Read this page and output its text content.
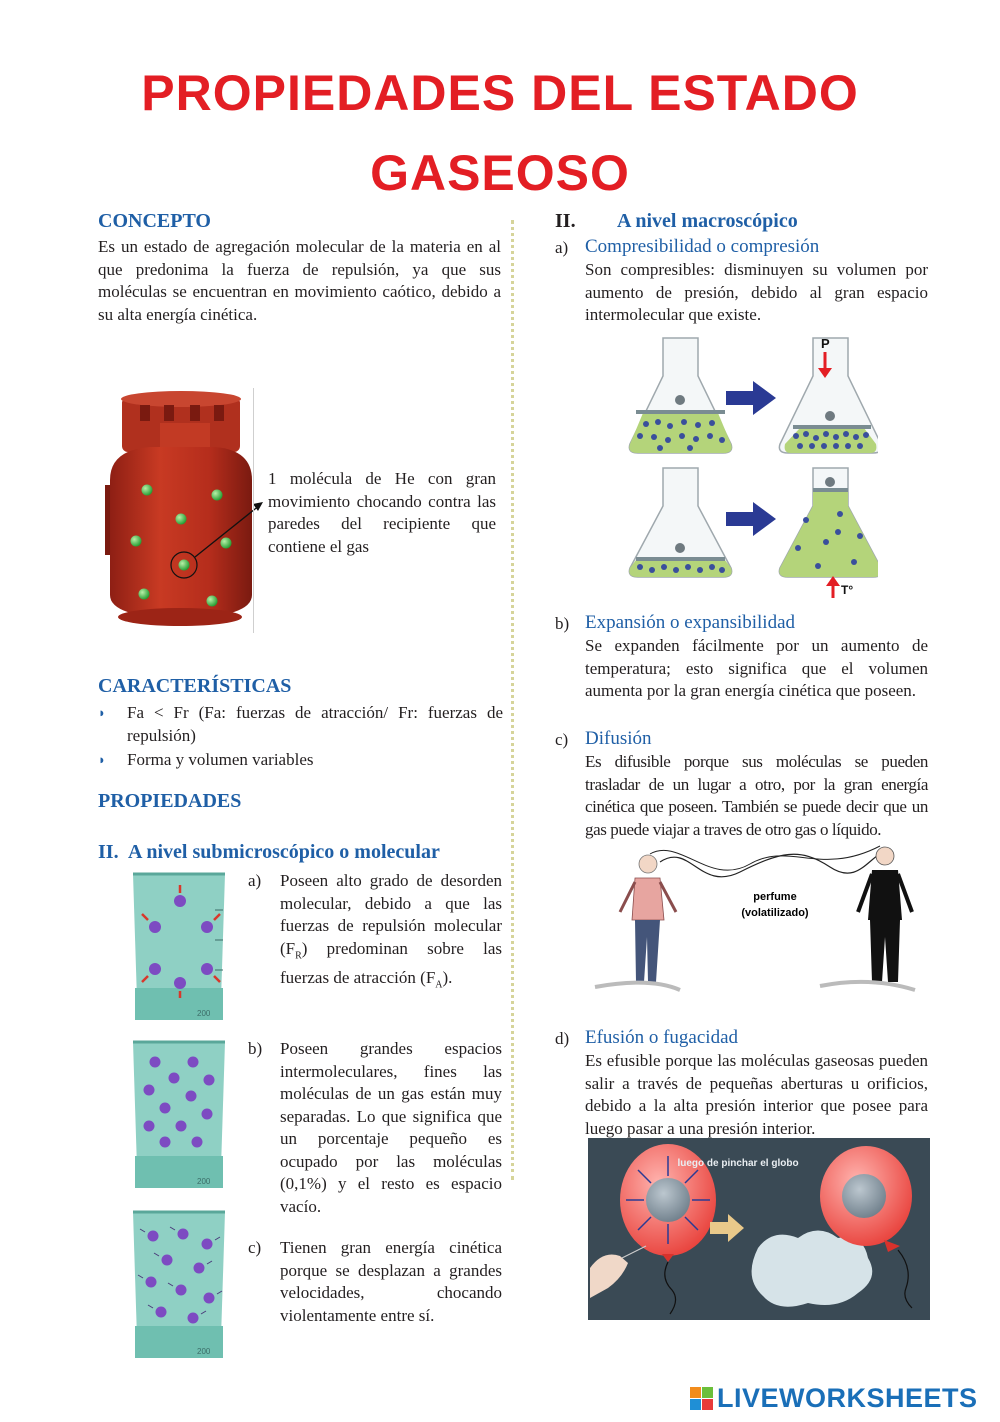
PROPIEDADES DEL ESTADO
GASEOSO
CONCEPTO
Es un estado de agregación molecular de la materia en al que predonima la fuerza de repulsión, ya que sus moléculas se encuentran en movimiento caótico, debido a su alta energía cinética.
1 molécula de He con gran movimiento chocando contra las paredes del recipiente que contiene el gas
CARACTERÍSTICAS
◗	Fa < Fr (Fa: fuerzas de atracción/ Fr: fuerzas de repulsión)
◗	Forma y volumen variables
PROPIEDADES
II. A nivel submicroscópico o molecular
200
a)	Poseen alto grado de desorden molecular, debido a que las fuerzas de repulsión molecular $(F_R)$ predominan sobre las fuerzas de atracción $(F_A)$.
200
b)	Poseen grandes espacios intermoleculares, fines las moléculas de un gas están muy separadas. Lo que significa que un porcentaje pequeño es ocupado por las moléculas (0,1%) y el resto es espacio vacío.
200
c)	Tienen gran energía cinética porque se desplazan a grandes velocidades, chocando violentamente entre sí.
II. A nivel macroscópico
a) Compresibilidad o compresión
Son compresibles: disminuyen su volumen por aumento de presión, debido al gran espacio intermolecular que existe.
P
T°
b) Expansión o expansibilidad
Se expanden fácilmente por un aumento de temperatura; esto significa que el volumen aumenta por la gran energía cinética que poseen.
c) Difusión
Es difusible porque sus moléculas se pueden trasladar de un lugar a otro, por la gran energía cinética que poseen. También se puede decir que un gas puede viajar a traves de otro gas o líquido.
perfume
(volatilizado)
d) Efusión o fugacidad
Es efusible porque las moléculas gaseosas pueden salir a través de pequeñas aberturas u orificios, debido a la alta presión interior que posee para luego pasar a una presión interior.
luego de pinchar el globo
LIVEWORKSHEETS
